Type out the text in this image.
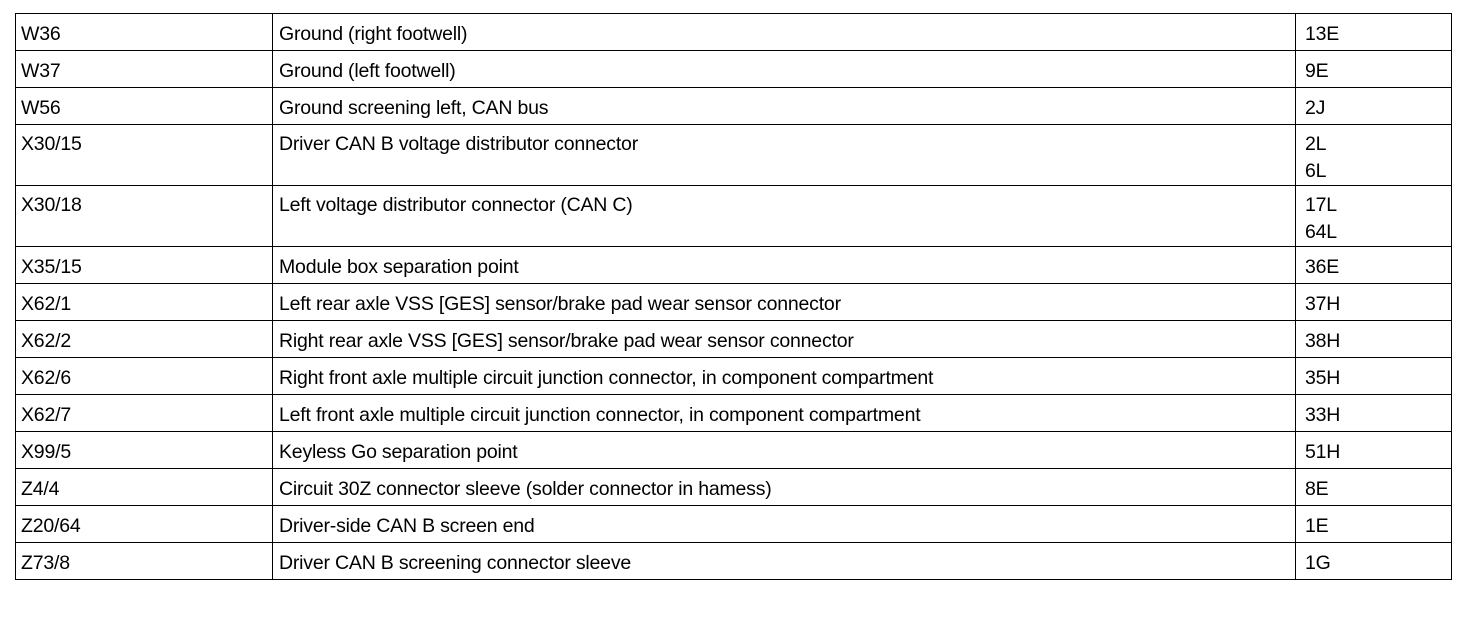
W36	Ground (right footwell)	13E

W37	Ground (left footwell)	9E

W56	Ground screening left, CAN bus	2J

X30/15	Driver CAN B voltage distributor connector	2L
6L

X30/18	Left voltage distributor connector (CAN C)	17L
64L

X35/15	Module box separation point	36E

X62/1	Left rear axle VSS [GES] sensor/brake pad wear sensor connector	37H

X62/2	Right rear axle VSS [GES] sensor/brake pad wear sensor connector	38H

X62/6	Right front axle multiple circuit junction connector, in component compartment	35H

X62/7	Left front axle multiple circuit junction connector, in component compartment	33H

X99/5	Keyless Go separation point	51H

Z4/4	Circuit 30Z connector sleeve (solder connector in hamess)	8E

Z20/64	Driver-side CAN B screen end	1E

Z73/8	Driver CAN B screening connector sleeve	1G
